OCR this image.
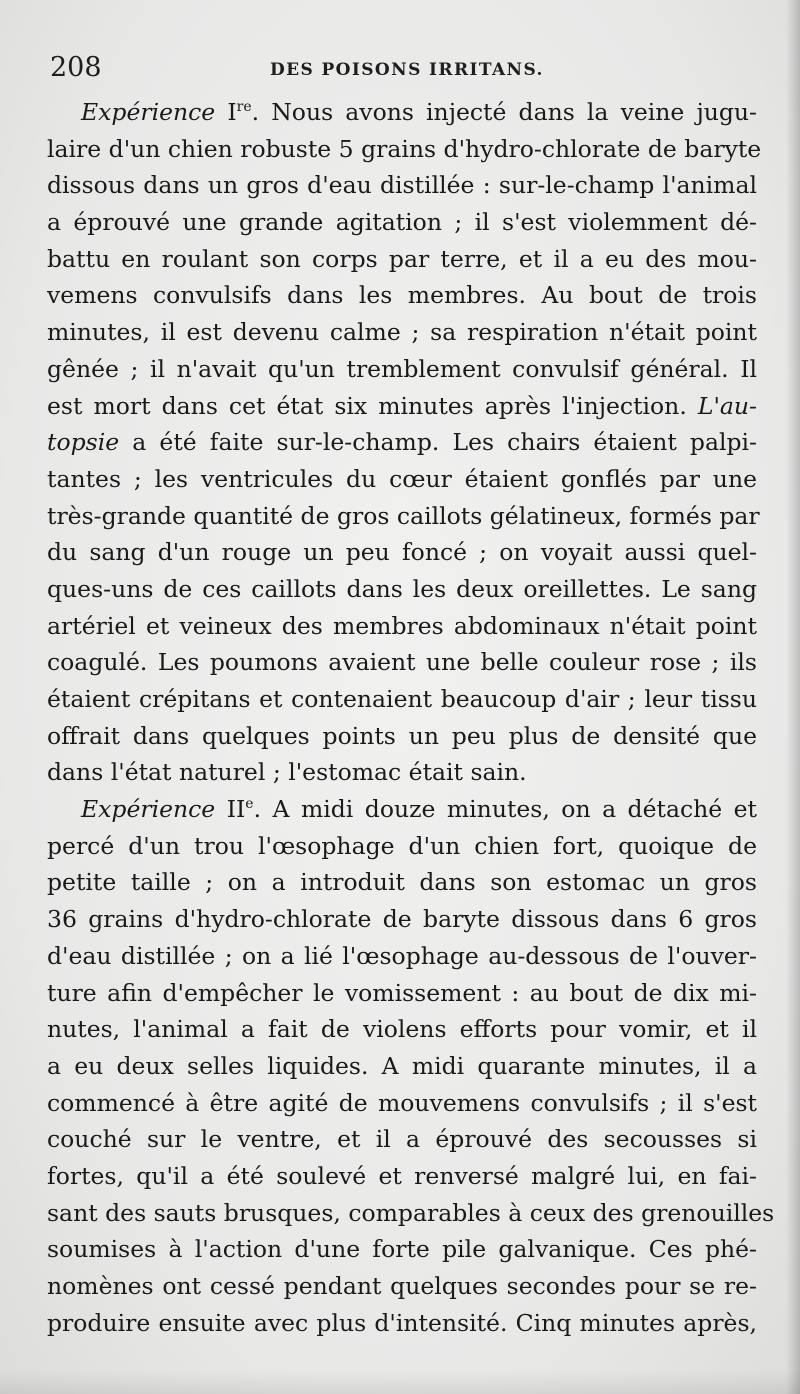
208	DES POISONS IRRITANS.
Expérience Ire. Nous avons injecté dans la veine jugu-
laire d'un chien robuste 5 grains d'hydro-chlorate de baryte
dissous dans un gros d'eau distillée : sur-le-champ l'animal
a éprouvé une grande agitation ; il s'est violemment dé-
battu en roulant son corps par terre, et il a eu des mou-
vemens convulsifs dans les membres. Au bout de trois
minutes, il est devenu calme ; sa respiration n'était point
gênée ; il n'avait qu'un tremblement convulsif général. Il
est mort dans cet état six minutes après l'injection. L'au-
topsie a été faite sur-le-champ. Les chairs étaient palpi-
tantes ; les ventricules du cœur étaient gonflés par une
très-grande quantité de gros caillots gélatineux, formés par
du sang d'un rouge un peu foncé ; on voyait aussi quel-
ques-uns de ces caillots dans les deux oreillettes. Le sang
artériel et veineux des membres abdominaux n'était point
coagulé. Les poumons avaient une belle couleur rose ; ils
étaient crépitans et contenaient beaucoup d'air ; leur tissu
offrait dans quelques points un peu plus de densité que
dans l'état naturel ; l'estomac était sain.
Expérience IIe. A midi douze minutes, on a détaché et
percé d'un trou l'œsophage d'un chien fort, quoique de
petite taille ; on a introduit dans son estomac un gros
36 grains d'hydro-chlorate de baryte dissous dans 6 gros
d'eau distillée ; on a lié l'œsophage au-dessous de l'ouver-
ture afin d'empêcher le vomissement : au bout de dix mi-
nutes, l'animal a fait de violens efforts pour vomir, et il
a eu deux selles liquides. A midi quarante minutes, il a
commencé à être agité de mouvemens convulsifs ; il s'est
couché sur le ventre, et il a éprouvé des secousses si
fortes, qu'il a été soulevé et renversé malgré lui, en fai-
sant des sauts brusques, comparables à ceux des grenouilles
soumises à l'action d'une forte pile galvanique. Ces phé-
nomènes ont cessé pendant quelques secondes pour se re-
produire ensuite avec plus d'intensité. Cinq minutes après,
